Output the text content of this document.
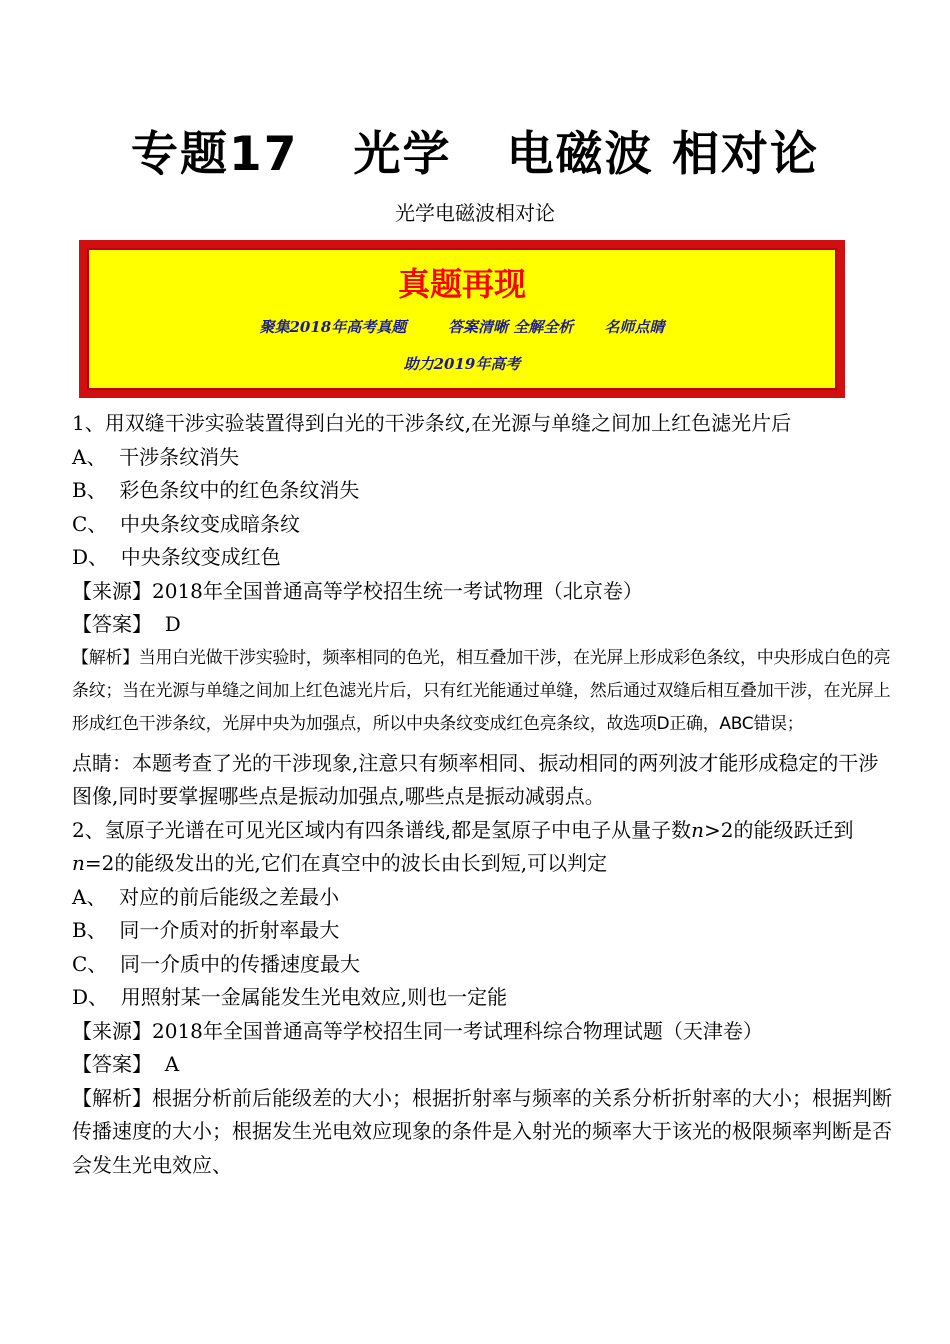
专题17   光学   电磁波 相对论
光学电磁波相对论
真题再现
聚集2018年高考真题        答案清晰 全解全析      名师点睛
助力2019年高考

1、用双缝干涉实验装置得到白光的干涉条纹,在光源与单缝之间加上红色滤光片后

A、  干涉条纹消失

B、  彩色条纹中的红色条纹消失

C、  中央条纹变成暗条纹

D、  中央条纹变成红色

【来源】2018年全国普通高等学校招生统一考试物理（北京卷）

【答案】  D

【解析】当用白光做干涉实验时，频率相同的色光，相互叠加干涉，在光屏上形成彩色条纹，中央形成白色的亮条纹；当在光源与单缝之间加上红色滤光片后，只有红光能通过单缝，然后通过双缝后相互叠加干涉，在光屏上形成红色干涉条纹，光屏中央为加强点，所以中央条纹变成红色亮条纹，故选项D正确，ABC错误；

点睛：本题考查了光的干涉现象,注意只有频率相同、振动相同的两列波才能形成稳定的干涉图像,同时要掌握哪些点是振动加强点,哪些点是振动减弱点。

2、氢原子光谱在可见光区域内有四条谱线,都是氢原子中电子从量子数n>2的能级跃迁到n=2的能级发出的光,它们在真空中的波长由长到短,可以判定

A、  对应的前后能级之差最小

B、  同一介质对的折射率最大

C、  同一介质中的传播速度最大

D、  用照射某一金属能发生光电效应,则也一定能

【来源】2018年全国普通高等学校招生同一考试理科综合物理试题（天津卷）

【答案】  A

【解析】根据分析前后能级差的大小；根据折射率与频率的关系分析折射率的大小；根据判断传播速度的大小；根据发生光电效应现象的条件是入射光的频率大于该光的极限频率判断是否会发生光电效应、
